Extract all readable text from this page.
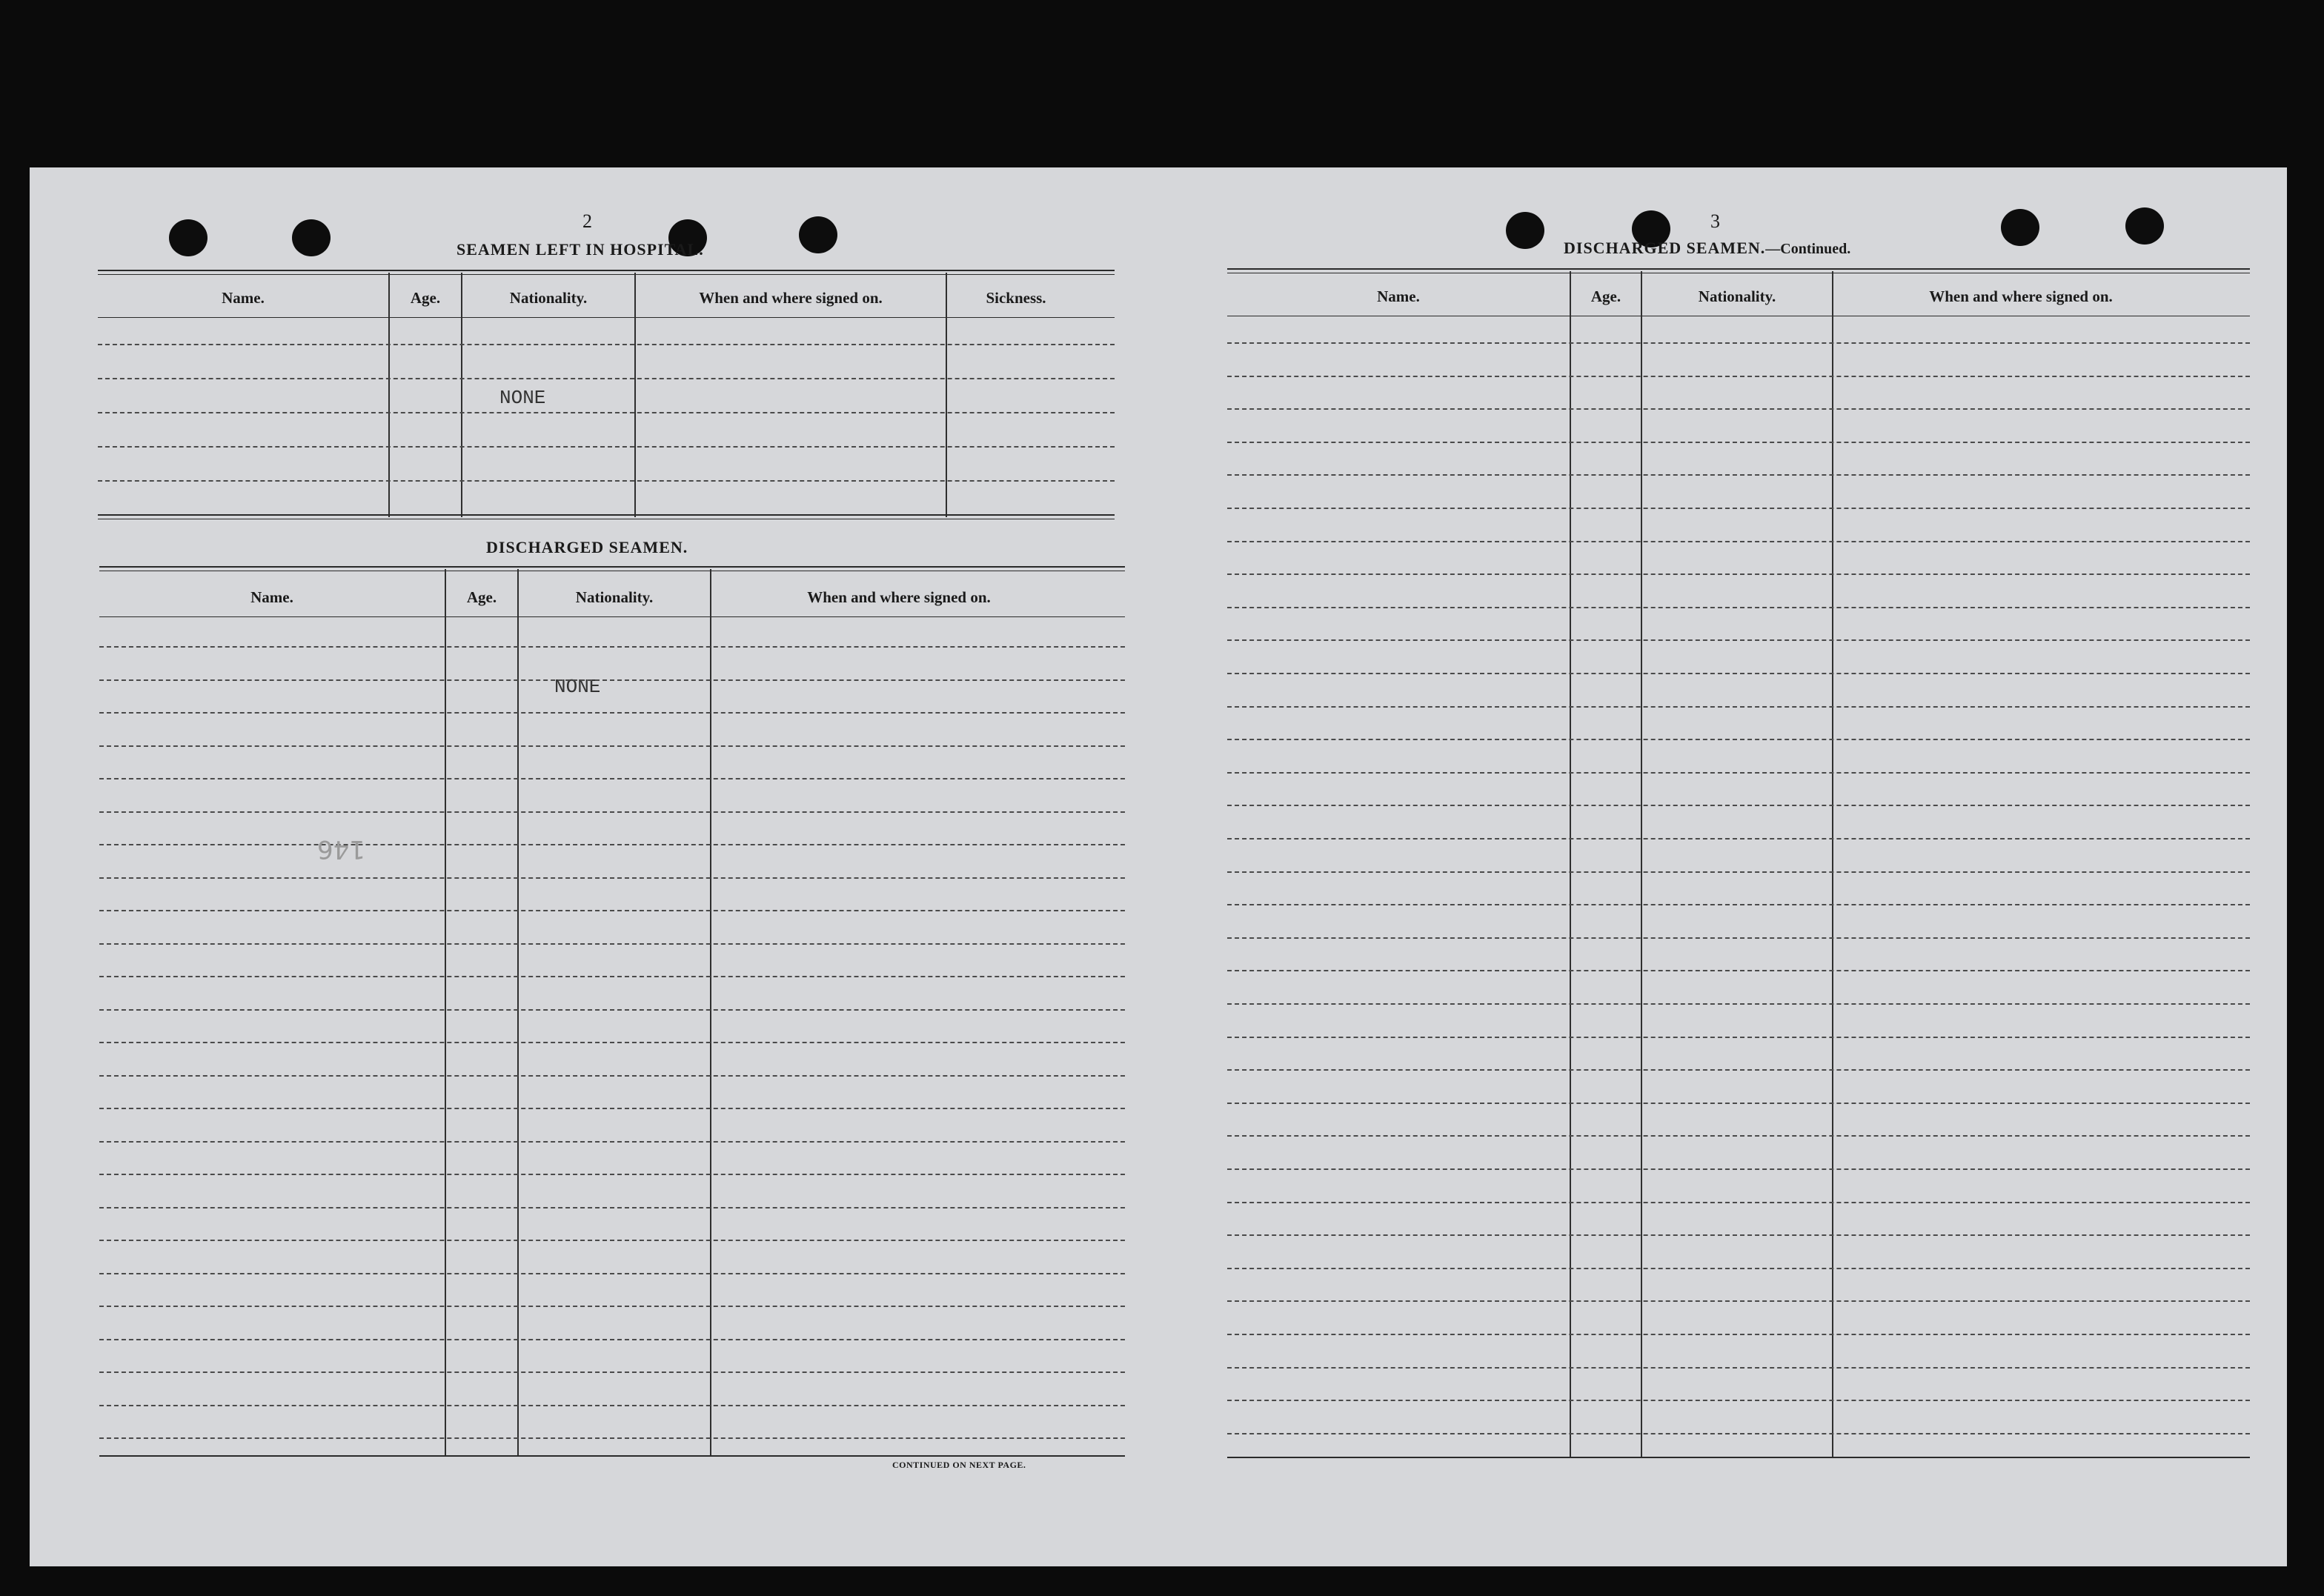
2
SEAMEN LEFT IN HOSPITAL.
Name.	Age.	Nationality.	When and where signed on.	Sickness.
NONE
DISCHARGED SEAMEN.
Name.	Age.	Nationality.	When and where signed on.
NONE
146
CONTINUED ON NEXT PAGE.
3
DISCHARGED SEAMEN.—Continued.
Name.	Age.	Nationality.	When and where signed on.
